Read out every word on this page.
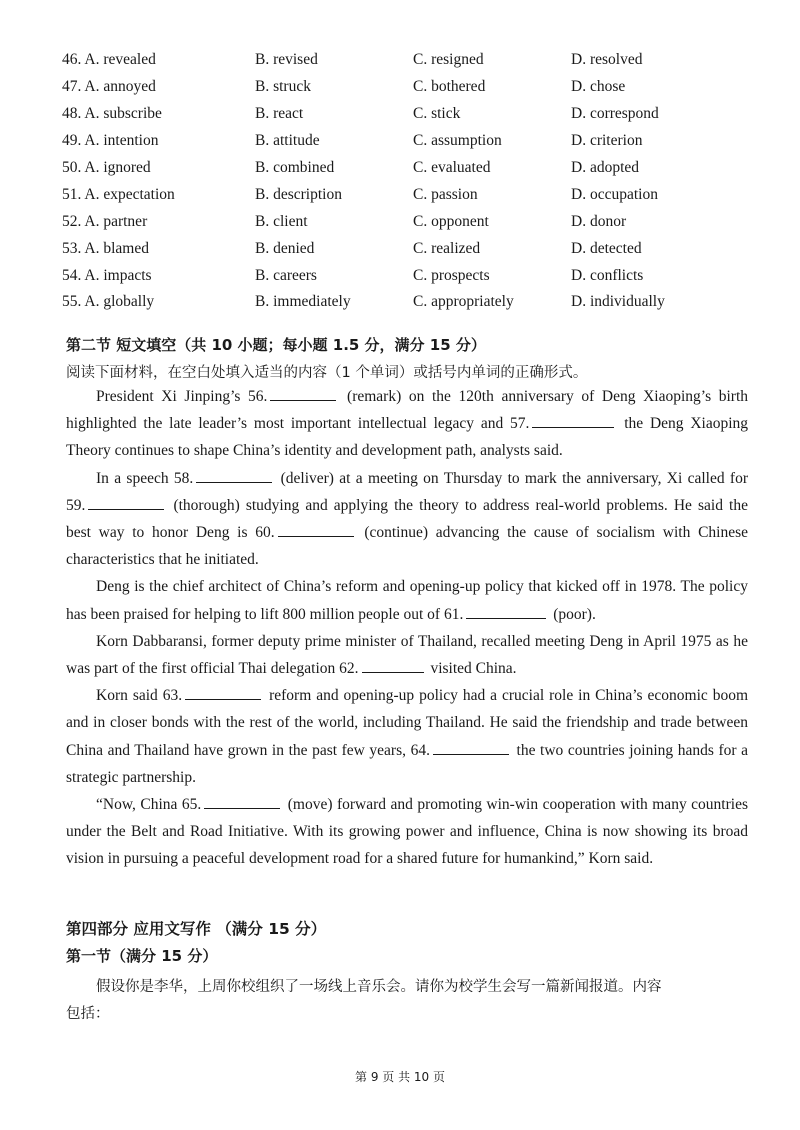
46. A. revealed	B. revised	C. resigned	D. resolved
47. A. annoyed	B. struck	C. bothered	D. chose
48. A. subscribe	B. react	C. stick	D. correspond
49. A. intention	B. attitude	C. assumption	D. criterion
50. A. ignored	B. combined	C. evaluated	D. adopted
51. A. expectation	B. description	C. passion	D. occupation
52. A. partner	B. client	C. opponent	D. donor
53. A. blamed	B. denied	C. realized	D. detected
54. A. impacts	B. careers	C. prospects	D. conflicts
55. A. globally	B. immediately	C. appropriately	D. individually
第二节 短文填空（共 10 小题；每小题 1.5 分，满分 15 分）
阅读下面材料，在空白处填入适当的内容（1 个单词）或括号内单词的正确形式。

President Xi Jinping’s 56.	(remark) on the 120th anniversary of Deng Xiaoping’s birth highlighted the late leader’s most important intellectual legacy and 57.	the Deng Xiaoping Theory continues to shape China’s identity and development path, analysts said.

In a speech 58.	(deliver) at a meeting on Thursday to mark the anniversary, Xi called for 59.	(thorough) studying and applying the theory to address real-world problems. He said the best way to honor Deng is 60.	(continue) advancing the cause of socialism with Chinese characteristics that he initiated.

Deng is the chief architect of China’s reform and opening-up policy that kicked off in 1978. The policy has been praised for helping to lift 800 million people out of 61.	(poor).

Korn Dabbaransi, former deputy prime minister of Thailand, recalled meeting Deng in April 1975 as he was part of the first official Thai delegation 62.	visited China.

Korn said 63.	reform and opening-up policy had a crucial role in China’s economic boom and in closer bonds with the rest of the world, including Thailand. He said the friendship and trade between China and Thailand have grown in the past few years, 64.	the two countries joining hands for a strategic partnership.

“Now, China 65.	(move) forward and promoting win-win cooperation with many countries under the Belt and Road Initiative. With its growing power and influence, China is now showing its broad vision in pursuing a peaceful development road for a shared future for humankind,” Korn said.

第四部分 应用文写作 （满分 15 分）
第一节（满分 15 分）
假设你是李华，上周你校组织了一场线上音乐会。请你为校学生会写一篇新闻报道。内容
包括：
第 9 页 共 10 页
